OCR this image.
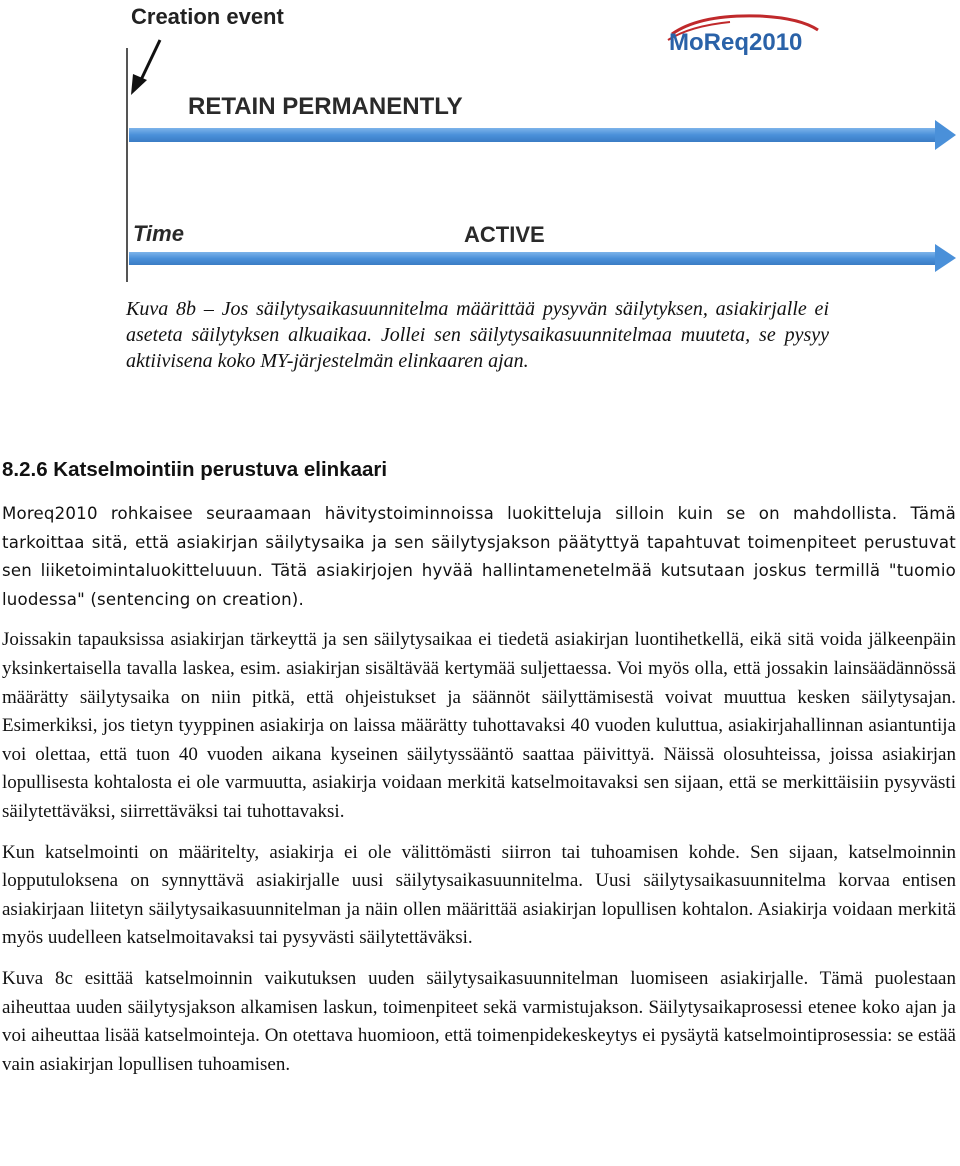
Creation event
RETAIN PERMANENTLY
Time	ACTIVE
MoReq2010
Kuva 8b – Jos säilytysaikasuunnitelma määrittää pysyvän säilytyksen, asiakirjalle ei aseteta säilytyksen alkuaikaa. Jollei sen säilytysaikasuunnitelmaa muuteta, se pysyy aktiivisena koko MY-järjestelmän elinkaaren ajan.
8.2.6 Katselmointiin perustuva elinkaari

Moreq2010 rohkaisee seuraamaan hävitystoiminnoissa luokitteluja silloin kuin se on mahdollista. Tämä tarkoittaa sitä, että asiakirjan säilytysaika ja sen säilytysjakson päätyttyä tapahtuvat toimenpiteet perustuvat sen liiketoimintaluokitteluuun. Tätä asiakirjojen hyvää hallintamenetelmää kutsutaan joskus termillä "tuomio luodessa" (sentencing on creation).

Joissakin tapauksissa asiakirjan tärkeyttä ja sen säilytysaikaa ei tiedetä asiakirjan luontihetkellä, eikä sitä voida jälkeenpäin yksinkertaisella tavalla laskea, esim. asiakirjan sisältävää kertymää suljettaessa. Voi myös olla, että jossakin lainsäädännössä määrätty säilytysaika on niin pitkä, että ohjeistukset ja säännöt säilyttämisestä voivat muuttua kesken säilytysajan. Esimerkiksi, jos tietyn tyyppinen asiakirja on laissa määrätty tuhottavaksi 40 vuoden kuluttua, asiakirjahallinnan asiantuntija voi olettaa, että tuon 40 vuoden aikana kyseinen säilytyssääntö saattaa päivittyä. Näissä olosuhteissa, joissa asiakirjan lopullisesta kohtalosta ei ole varmuutta, asiakirja voidaan merkitä katselmoitavaksi sen sijaan, että se merkittäisiin pysyvästi säilytettäväksi, siirrettäväksi tai tuhottavaksi.

Kun katselmointi on määritelty, asiakirja ei ole välittömästi siirron tai tuhoamisen kohde. Sen sijaan, katselmoinnin lopputuloksena on synnyttävä asiakirjalle uusi säilytysaikasuunnitelma. Uusi säilytysaikasuunnitelma korvaa entisen asiakirjaan liitetyn säilytysaikasuunnitelman ja näin ollen määrittää asiakirjan lopullisen kohtalon. Asiakirja voidaan merkitä myös uudelleen katselmoitavaksi tai pysyvästi säilytettäväksi.

Kuva 8c esittää katselmoinnin vaikutuksen uuden säilytysaikasuunnitelman luomiseen asiakirjalle. Tämä puolestaan aiheuttaa uuden säilytysjakson alkamisen laskun, toimenpiteet sekä varmistujakson. Säilytysaikaprosessi etenee koko ajan ja voi aiheuttaa lisää katselmointeja. On otettava huomioon, että toimenpidekeskeytys ei pysäytä katselmointiprosessia: se estää vain asiakirjan lopullisen tuhoamisen.
